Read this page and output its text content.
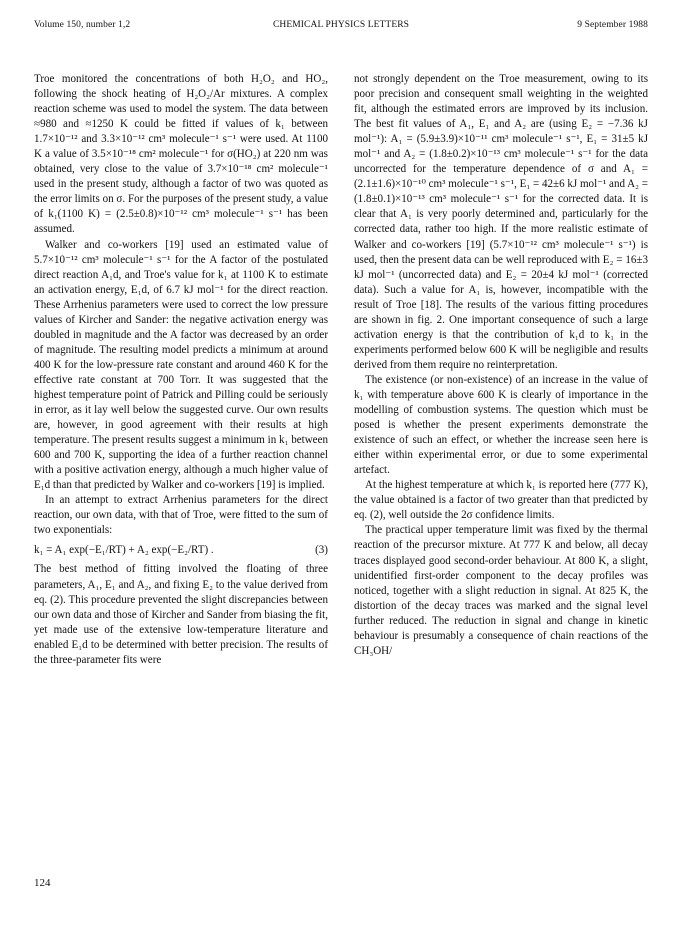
Volume 150, number 1,2	CHEMICAL PHYSICS LETTERS	9 September 1988

Troe monitored the concentrations of both H₂O₂ and HO₂, following the shock heating of H₂O₂/Ar mixtures. A complex reaction scheme was used to model the system. The data between ≈980 and ≈1250 K could be fitted if values of k₁ between 1.7×10⁻¹² and 3.3×10⁻¹² cm³ molecule⁻¹ s⁻¹ were used. At 1100 K a value of 3.5×10⁻¹⁸ cm² molecule⁻¹ for σ(HO₂) at 220 nm was obtained, very close to the value of 3.7×10⁻¹⁸ cm² molecule⁻¹ used in the present study, although a factor of two was quoted as the error limits on σ. For the purposes of the present study, a value of k₁(1100 K) = (2.5±0.8)×10⁻¹² cm³ molecule⁻¹ s⁻¹ has been assumed.

Walker and co-workers [19] used an estimated value of 5.7×10⁻¹² cm³ molecule⁻¹ s⁻¹ for the A factor of the postulated direct reaction A₁d, and Troe's value for k₁ at 1100 K to estimate an activation energy, E₁d, of 6.7 kJ mol⁻¹ for the direct reaction. These Arrhenius parameters were used to correct the low pressure values of Kircher and Sander: the negative activation energy was doubled in magnitude and the A factor was decreased by an order of magnitude. The resulting model predicts a minimum at around 400 K for the low-pressure rate constant and around 460 K for the effective rate constant at 700 Torr. It was suggested that the highest temperature point of Patrick and Pilling could be seriously in error, as it lay well below the suggested curve. Our own results are, however, in good agreement with their results at high temperature. The present results suggest a minimum in k₁ between 600 and 700 K, supporting the idea of a further reaction channel with a positive activation energy, although a much higher value of E₁d than that predicted by Walker and co-workers [19] is implied.

In an attempt to extract Arrhenius parameters for the direct reaction, our own data, with that of Troe, were fitted to the sum of two exponentials:

k₁ = A₁ exp(−E₁/RT) + A₂ exp(−E₂/RT) .	(3)

The best method of fitting involved the floating of three parameters, A₁, E₁ and A₂, and fixing E₂ to the value derived from eq. (2). This procedure prevented the slight discrepancies between our own data and those of Kircher and Sander from biasing the fit, yet made use of the extensive low-temperature literature and enabled E₁d to be determined with better precision. The results of the three-parameter fits were

not strongly dependent on the Troe measurement, owing to its poor precision and consequent small weighting in the weighted fit, although the estimated errors are improved by its inclusion. The best fit values of A₁, E₁ and A₂ are (using E₂ = −7.36 kJ mol⁻¹): A₁ = (5.9±3.9)×10⁻¹¹ cm³ molecule⁻¹ s⁻¹, E₁ = 31±5 kJ mol⁻¹ and A₂ = (1.8±0.2)×10⁻¹³ cm³ molecule⁻¹ s⁻¹ for the data uncorrected for the temperature dependence of σ and A₁ = (2.1±1.6)×10⁻¹⁰ cm³ molecule⁻¹ s⁻¹, E₁ = 42±6 kJ mol⁻¹ and A₂ = (1.8±0.1)×10⁻¹³ cm³ molecule⁻¹ s⁻¹ for the corrected data. It is clear that A₁ is very poorly determined and, particularly for the corrected data, rather too high. If the more realistic estimate of Walker and co-workers [19] (5.7×10⁻¹² cm³ molecule⁻¹ s⁻¹) is used, then the present data can be well reproduced with E₂ = 16±3 kJ mol⁻¹ (uncorrected data) and E₂ = 20±4 kJ mol⁻¹ (corrected data). Such a value for A₁ is, however, incompatible with the result of Troe [18]. The results of the various fitting procedures are shown in fig. 2. One important consequence of such a large activation energy is that the contribution of k₁d to k₁ in the experiments performed below 600 K will be negligible and results derived from them require no reinterpretation.

The existence (or non-existence) of an increase in the value of k₁ with temperature above 600 K is clearly of importance in the modelling of combustion systems. The question which must be posed is whether the present experiments demonstrate the existence of such an effect, or whether the increase seen here is either within experimental error, or due to some experimental artefact.

At the highest temperature at which k₁ is reported here (777 K), the value obtained is a factor of two greater than that predicted by eq. (2), well outside the 2σ confidence limits.

The practical upper temperature limit was fixed by the thermal reaction of the precursor mixture. At 777 K and below, all decay traces displayed good second-order behaviour. At 800 K, a slight, unidentified first-order component to the decay profiles was noticed, together with a slight reduction in signal. At 825 K, the distortion of the decay traces was marked and the signal level further reduced. The reduction in signal and change in kinetic behaviour is presumably a consequence of chain reactions of the CH₃OH/

124
